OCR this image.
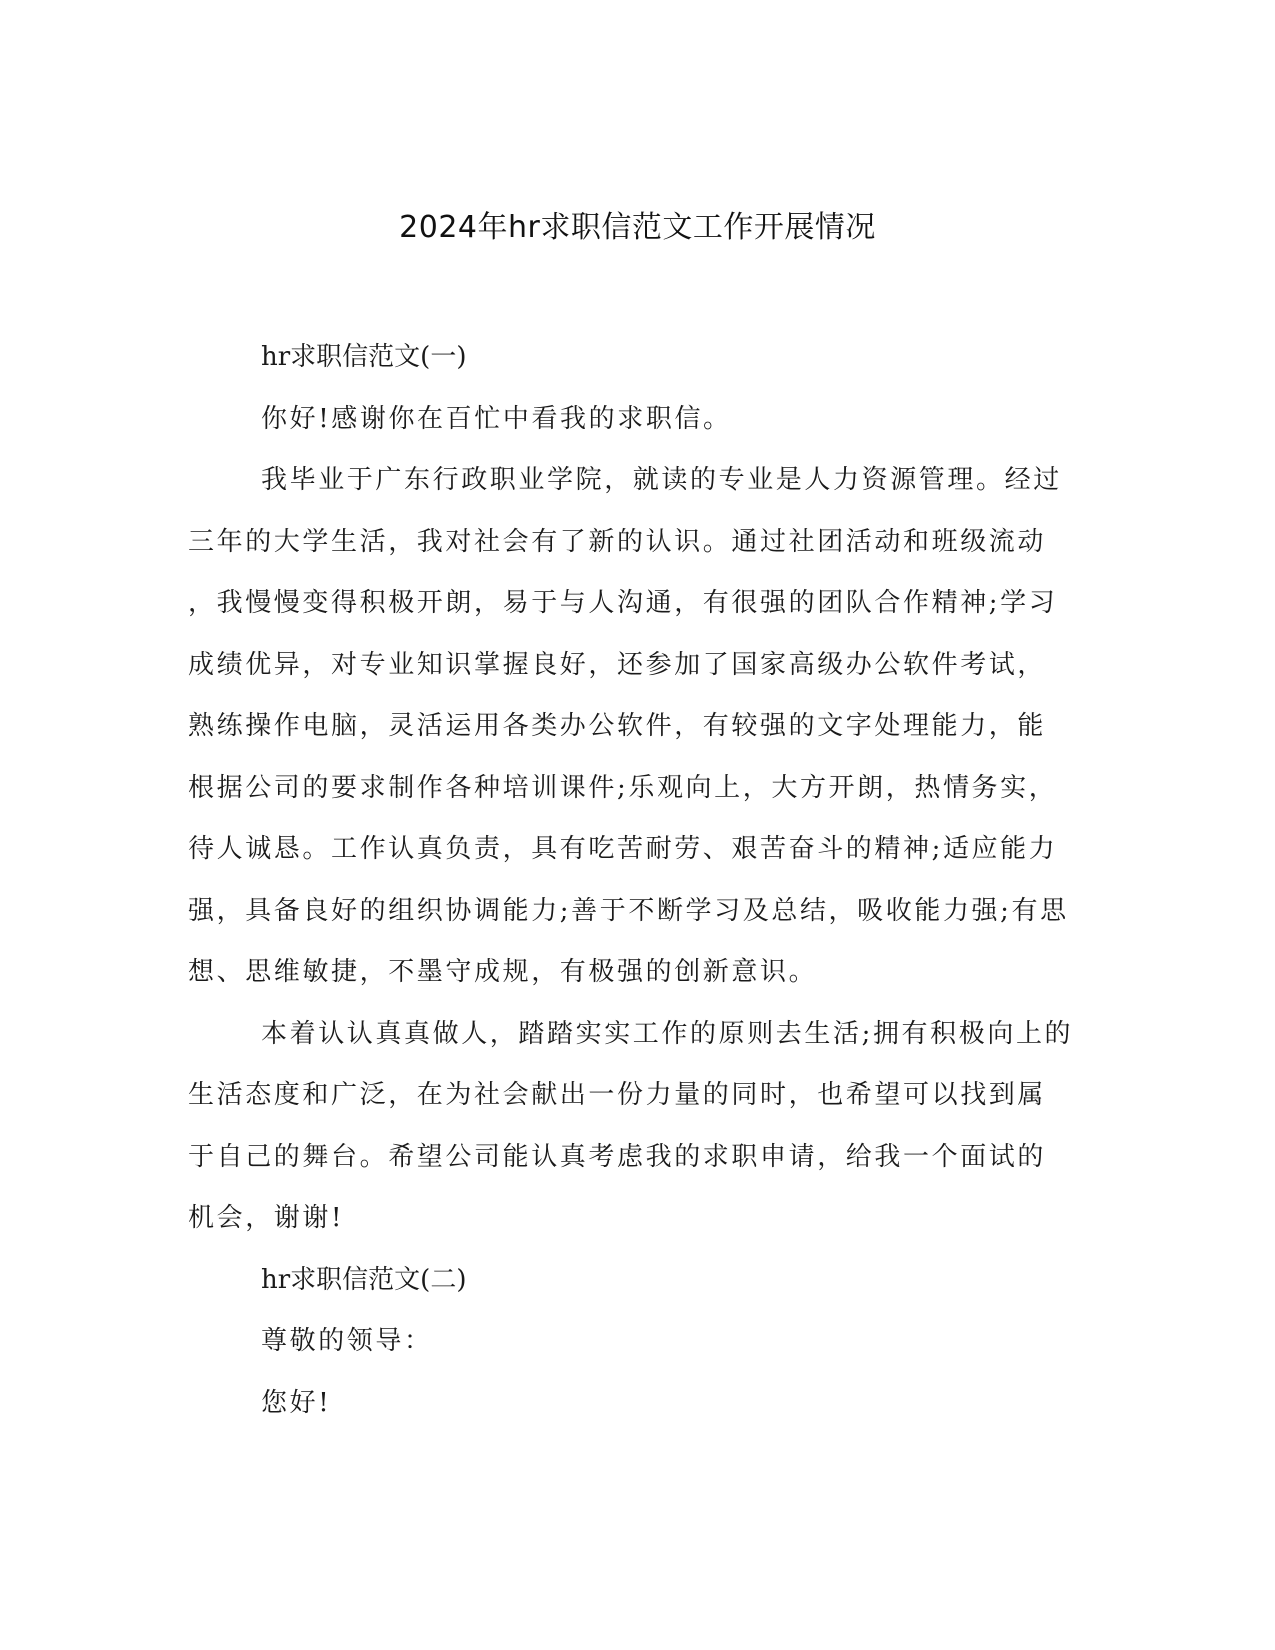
2024年hr求职信范文工作开展情况
hr求职信范文(一)
你好!感谢你在百忙中看我的求职信。
我毕业于广东行政职业学院，就读的专业是人力资源管理。经过
三年的大学生活，我对社会有了新的认识。通过社团活动和班级流动
，我慢慢变得积极开朗，易于与人沟通，有很强的团队合作精神;学习
成绩优异，对专业知识掌握良好，还参加了国家高级办公软件考试，
熟练操作电脑，灵活运用各类办公软件，有较强的文字处理能力，能
根据公司的要求制作各种培训课件;乐观向上，大方开朗，热情务实，
待人诚恳。工作认真负责，具有吃苦耐劳、艰苦奋斗的精神;适应能力
强，具备良好的组织协调能力;善于不断学习及总结，吸收能力强;有思
想、思维敏捷，不墨守成规，有极强的创新意识。
本着认认真真做人，踏踏实实工作的原则去生活;拥有积极向上的
生活态度和广泛，在为社会献出一份力量的同时，也希望可以找到属
于自己的舞台。希望公司能认真考虑我的求职申请，给我一个面试的
机会，谢谢!
hr求职信范文(二)
尊敬的领导：
您好!
